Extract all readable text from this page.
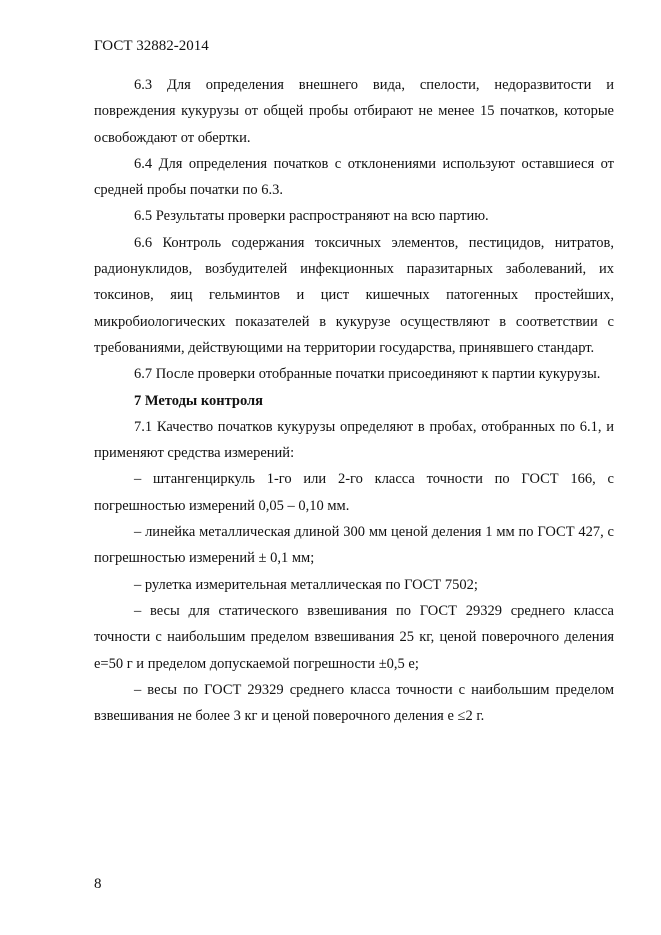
ГОСТ 32882-2014

6.3 Для определения внешнего вида, спелости, недоразвитости и повреждения кукурузы от общей пробы отбирают не менее 15 початков, которые освобождают от обертки.

6.4 Для определения початков с отклонениями используют оставшиеся от средней пробы початки по 6.3.

6.5 Результаты проверки распространяют на всю партию.

6.6 Контроль содержания токсичных элементов, пестицидов, нитратов, радионуклидов, возбудителей инфекционных паразитарных заболеваний, их токсинов, яиц гельминтов и цист кишечных патогенных простейших, микробиологических показателей в кукурузе осуществляют в соответствии с требованиями, действующими на территории государства, принявшего стандарт.

6.7 После проверки отобранные початки присоединяют к партии кукурузы.

7 Методы контроля

7.1 Качество початков кукурузы определяют в пробах, отобранных по 6.1, и применяют средства измерений:

– штангенциркуль 1-го или 2-го класса точности по ГОСТ 166, с погрешностью измерений 0,05 – 0,10 мм.

– линейка металлическая длиной 300 мм ценой деления 1 мм по ГОСТ 427, с погрешностью измерений ± 0,1 мм;

– рулетка измерительная металлическая по ГОСТ 7502;

– весы для статического взвешивания по ГОСТ 29329 среднего класса точности с наибольшим пределом взвешивания 25 кг, ценой поверочного деления е=50 г и пределом допускаемой погрешности ±0,5 е;

– весы по ГОСТ 29329 среднего класса точности с наибольшим пределом взвешивания не более 3 кг и ценой поверочного деления е ≤2 г.

8
